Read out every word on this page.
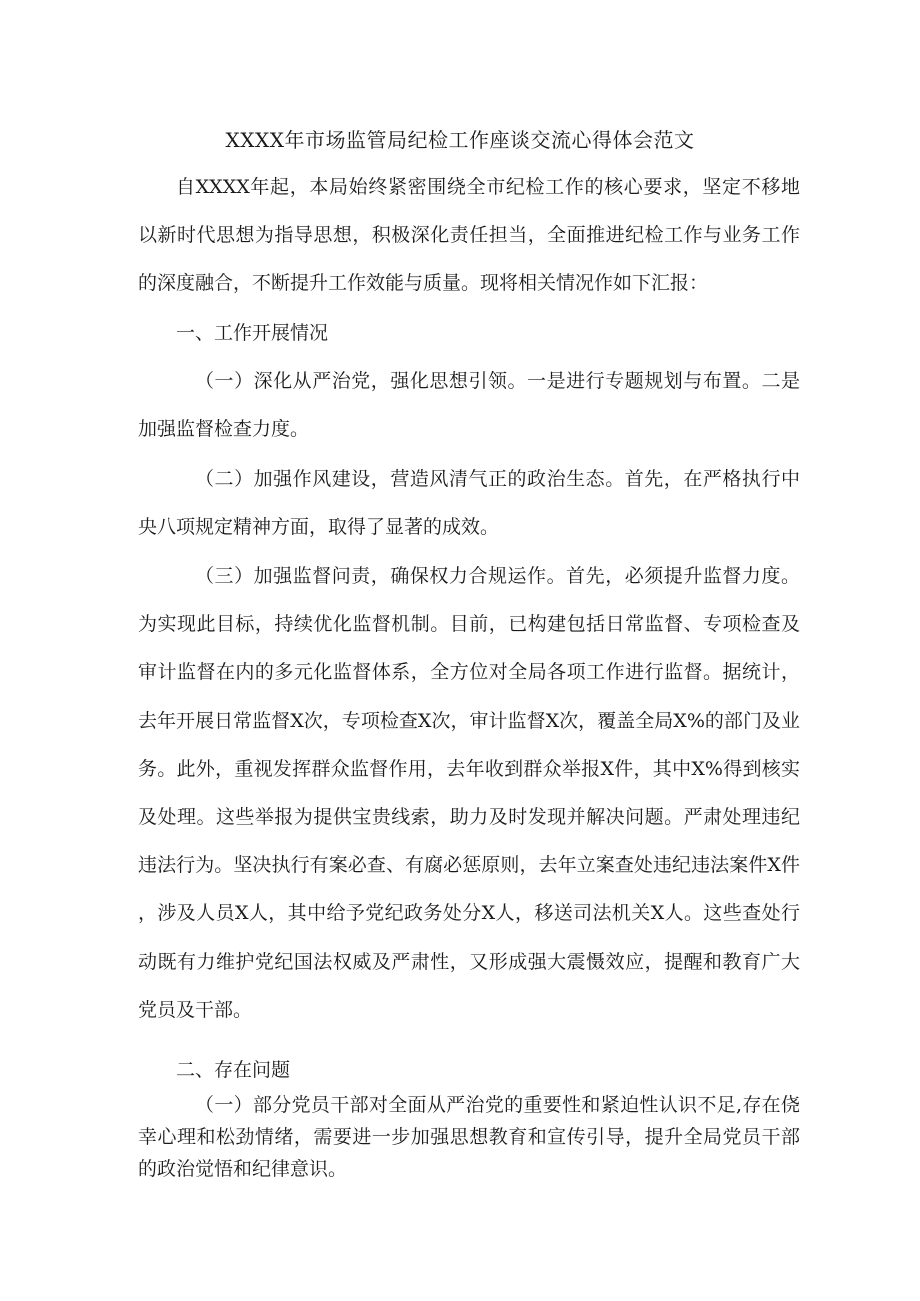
XXXX年市场监管局纪检工作座谈交流心得体会范文

自XXXX年起，本局始终紧密围绕全市纪检工作的核心要求，坚定不移地以新时代思想为指导思想，积极深化责任担当，全面推进纪检工作与业务工作的深度融合，不断提升工作效能与质量。现将相关情况作如下汇报：

一、工作开展情况

（一）深化从严治党，强化思想引领。一是进行专题规划与布置。二是加强监督检查力度。

（二）加强作风建设，营造风清气正的政治生态。首先，在严格执行中央八项规定精神方面，取得了显著的成效。

（三）加强监督问责，确保权力合规运作。首先，必须提升监督力度。为实现此目标，持续优化监督机制。目前，已构建包括日常监督、专项检查及审计监督在内的多元化监督体系，全方位对全局各项工作进行监督。据统计，去年开展日常监督X次，专项检查X次，审计监督X次，覆盖全局X%的部门及业务。此外，重视发挥群众监督作用，去年收到群众举报X件，其中X%得到核实及处理。这些举报为提供宝贵线索，助力及时发现并解决问题。严肃处理违纪违法行为。坚决执行有案必查、有腐必惩原则，去年立案查处违纪违法案件X件，涉及人员X人，其中给予党纪政务处分X人，移送司法机关X人。这些查处行动既有力维护党纪国法权威及严肃性，又形成强大震慑效应，提醒和教育广大党员及干部。

二、存在问题

（一）部分党员干部对全面从严治党的重要性和紧迫性认识不足,存在侥幸心理和松劲情绪，需要进一步加强思想教育和宣传引导，提升全局党员干部的政治觉悟和纪律意识。
